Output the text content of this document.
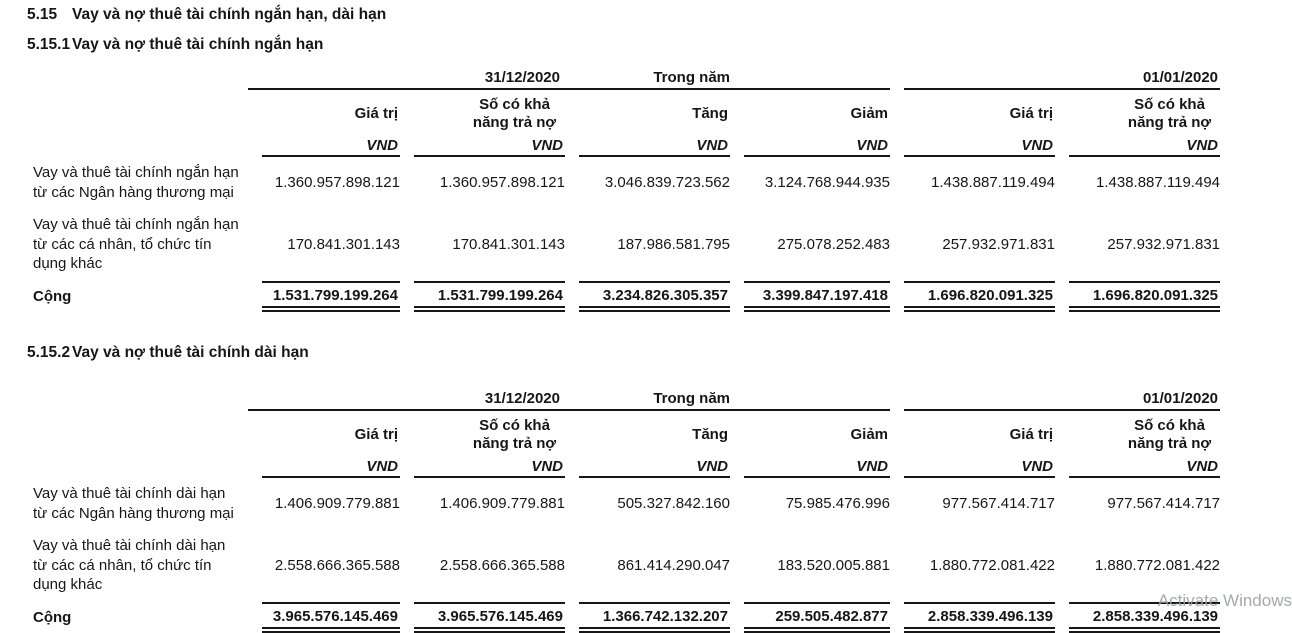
5.15 Vay và nợ thuê tài chính ngắn hạn, dài hạn
5.15.1 Vay và nợ thuê tài chính ngắn hạn

	31/12/2020 Trong năm				01/01/2020	

	Giá trị	Số có khả năng trả nợ	Tăng	Giảm	Giá trị	Số có khả năng trả nợ

	VND	VND	VND	VND	VND	VND

Vay và thuê tài chính ngắn hạn từ các Ngân hàng thương mại	1.360.957.898.121	1.360.957.898.121	3.046.839.723.562	3.124.768.944.935	1.438.887.119.494	1.438.887.119.494
Vay và thuê tài chính ngắn hạn từ các cá nhân, tổ chức tín dụng khác	170.841.301.143	170.841.301.143	187.986.581.795	275.078.252.483	257.932.971.831	257.932.971.831
Cộng	1.531.799.199.264	1.531.799.199.264	3.234.826.305.357	3.399.847.197.418	1.696.820.091.325	1.696.820.091.325
5.15.2 Vay và nợ thuê tài chính dài hạn

	31/12/2020 Trong năm				01/01/2020	

	Giá trị	Số có khả năng trả nợ	Tăng	Giảm	Giá trị	Số có khả năng trả nợ

	VND	VND	VND	VND	VND	VND

Vay và thuê tài chính dài hạn từ các Ngân hàng thương mại	1.406.909.779.881	1.406.909.779.881	505.327.842.160	75.985.476.996	977.567.414.717	977.567.414.717
Vay và thuê tài chính dài hạn từ các cá nhân, tổ chức tín dụng khác	2.558.666.365.588	2.558.666.365.588	861.414.290.047	183.520.005.881	1.880.772.081.422	1.880.772.081.422
Cộng	3.965.576.145.469	3.965.576.145.469	1.366.742.132.207	259.505.482.877	2.858.339.496.139	2.858.339.496.139
Activate Windows
